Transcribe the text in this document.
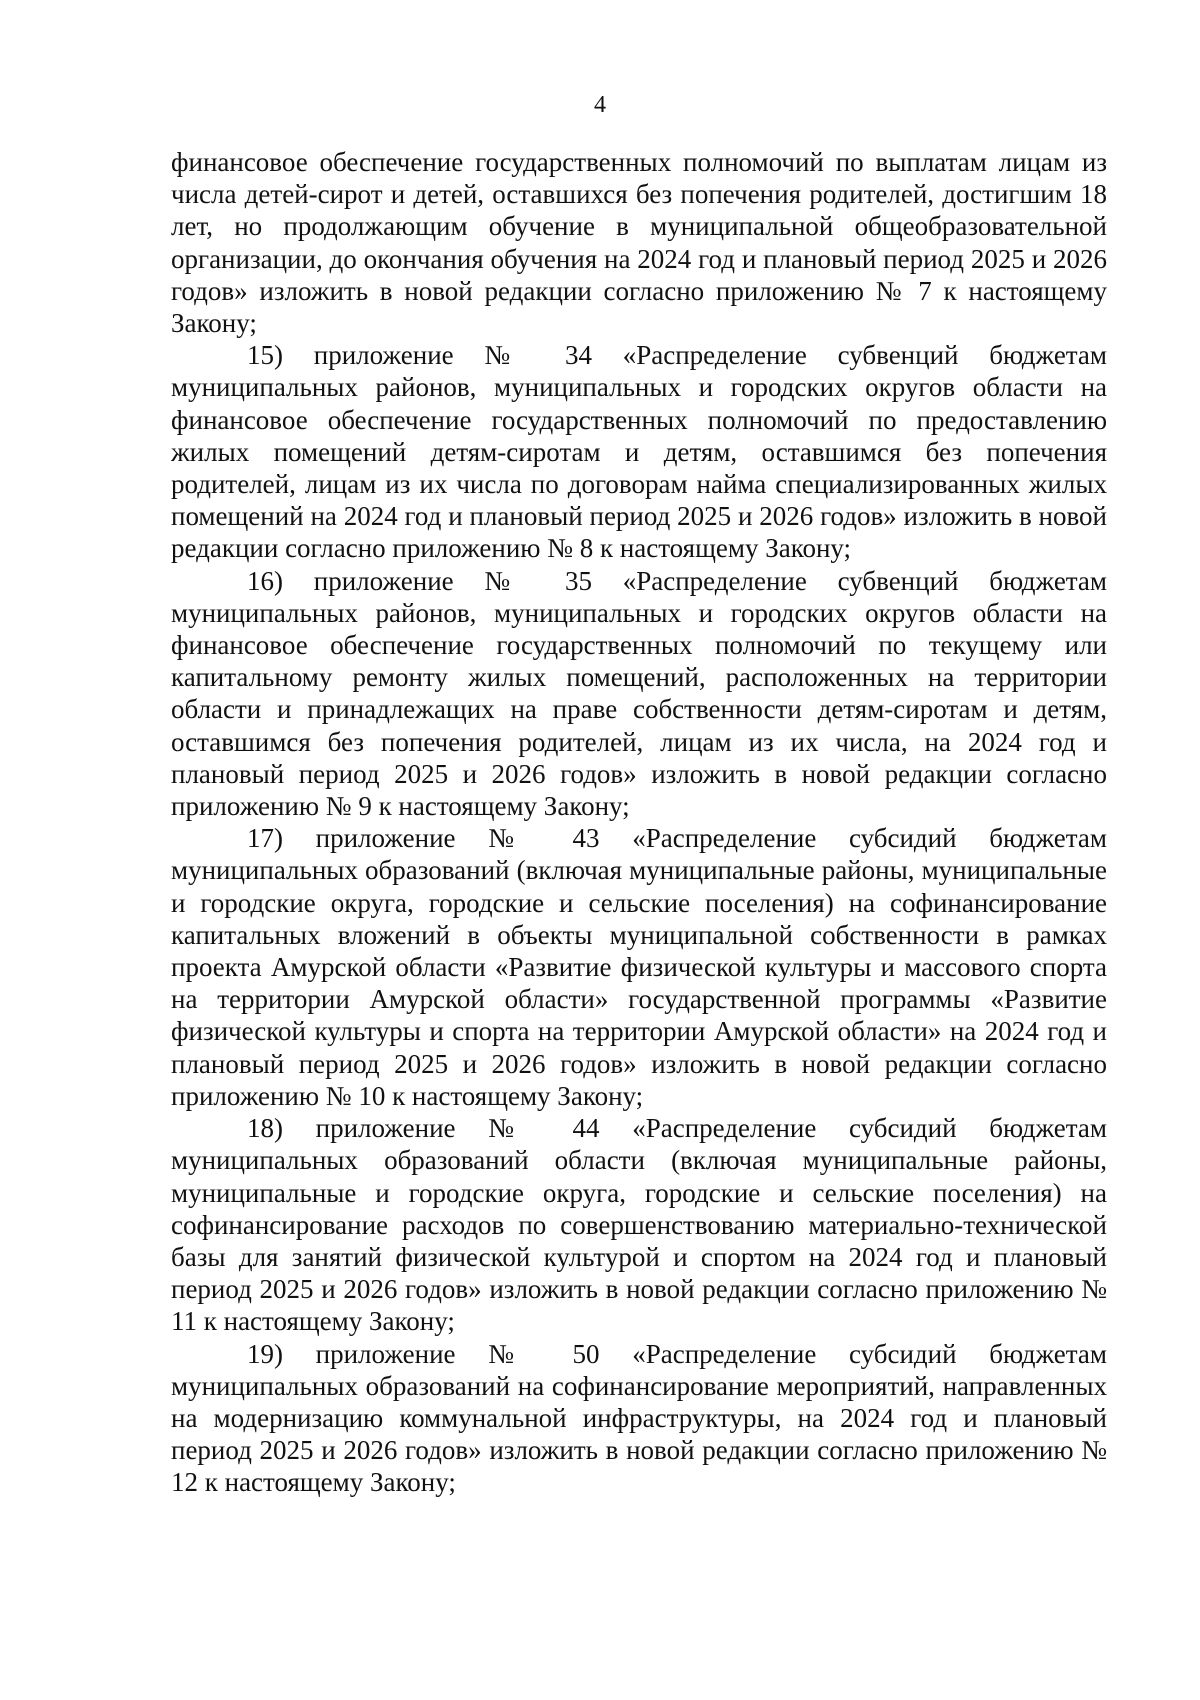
4

финансовое обеспечение государственных полномочий по выплатам лицам из числа детей-сирот и детей, оставшихся без попечения родителей, достигшим 18 лет, но продолжающим обучение в муниципальной общеобразовательной организации, до окончания обучения на 2024 год и плановый период 2025 и 2026 годов» изложить в новой редакции согласно приложению № 7 к настоящему Закону;

15) приложение № 34 «Распределение субвенций бюджетам муниципальных районов, муниципальных и городских округов области на финансовое обеспечение государственных полномочий по предоставлению жилых помещений детям-сиротам и детям, оставшимся без попечения родителей, лицам из их числа по договорам найма специализированных жилых помещений на 2024 год и плановый период 2025 и 2026 годов» изложить в новой редакции согласно приложению № 8 к настоящему Закону;

16) приложение № 35 «Распределение субвенций бюджетам муниципальных районов, муниципальных и городских округов области на финансовое обеспечение государственных полномочий по текущему или капитальному ремонту жилых помещений, расположенных на территории области и принадлежащих на праве собственности детям-сиротам и детям, оставшимся без попечения родителей, лицам из их числа, на 2024 год и плановый период 2025 и 2026 годов» изложить в новой редакции согласно приложению № 9 к настоящему Закону;

17) приложение № 43 «Распределение субсидий бюджетам муниципальных образований (включая муниципальные районы, муниципальные и городские округа, городские и сельские поселения) на софинансирование капитальных вложений в объекты муниципальной собственности в рамках проекта Амурской области «Развитие физической культуры и массового спорта на территории Амурской области» государственной программы «Развитие физической культуры и спорта на территории Амурской области» на 2024 год и плановый период 2025 и 2026 годов» изложить в новой редакции согласно приложению № 10 к настоящему Закону;

18) приложение № 44 «Распределение субсидий бюджетам муниципальных образований области (включая муниципальные районы, муниципальные и городские округа, городские и сельские поселения) на софинансирование расходов по совершенствованию материально-технической базы для занятий физической культурой и спортом на 2024 год и плановый период 2025 и 2026 годов» изложить в новой редакции согласно приложению № 11 к настоящему Закону;

19) приложение № 50 «Распределение субсидий бюджетам муниципальных образований на софинансирование мероприятий, направленных на модернизацию коммунальной инфраструктуры, на 2024 год и плановый период 2025 и 2026 годов» изложить в новой редакции согласно приложению № 12 к настоящему Закону;
